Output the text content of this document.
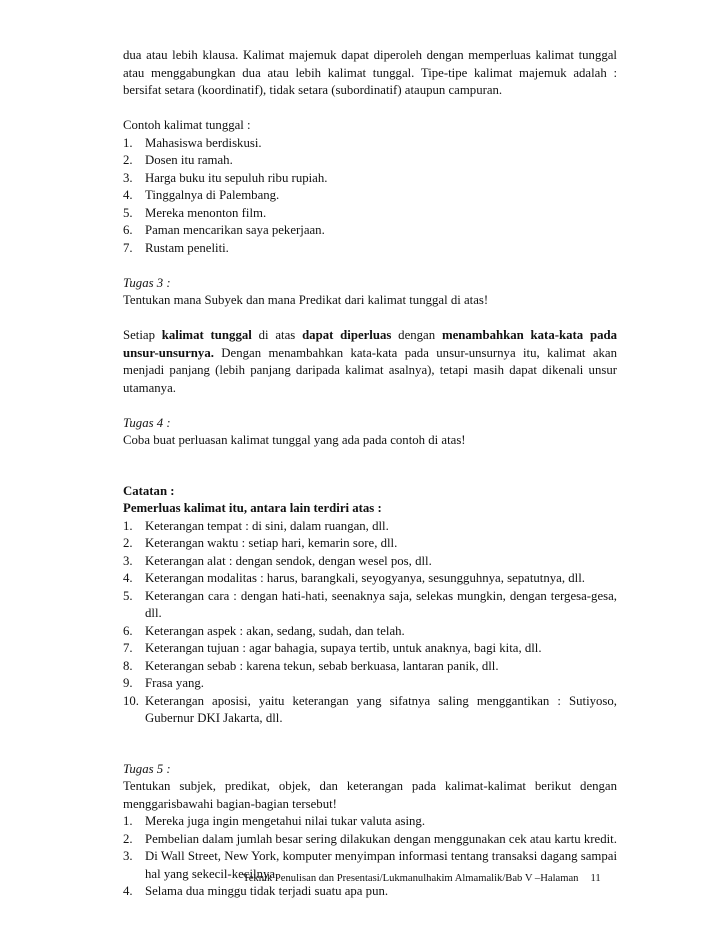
dua atau lebih klausa. Kalimat majemuk dapat diperoleh dengan memperluas kalimat tunggal atau menggabungkan dua atau lebih kalimat tunggal. Tipe-tipe kalimat majemuk adalah : bersifat setara (koordinatif), tidak setara (subordinatif) ataupun campuran.

Contoh kalimat tunggal :

1. Mahasiswa berdiskusi.
2. Dosen itu ramah.
3. Harga buku itu sepuluh ribu rupiah.
4. Tinggalnya di Palembang.
5. Mereka menonton film.
6. Paman mencarikan saya pekerjaan.
7. Rustam peneliti.

Tugas 3 :

Tentukan mana Subyek dan mana Predikat dari kalimat tunggal di atas!

Setiap kalimat tunggal di atas dapat diperluas dengan menambahkan kata-kata pada unsur-unsurnya. Dengan menambahkan kata-kata pada unsur-unsurnya itu, kalimat akan menjadi panjang (lebih panjang daripada kalimat asalnya), tetapi masih dapat dikenali unsur utamanya.

Tugas 4 :

Coba buat perluasan kalimat tunggal yang ada pada contoh di atas!

Catatan :

Pemerluas kalimat itu, antara lain terdiri atas :

1. Keterangan tempat : di sini, dalam ruangan, dll.
2. Keterangan waktu : setiap hari, kemarin sore, dll.
3. Keterangan alat : dengan sendok, dengan wesel pos, dll.
4. Keterangan modalitas : harus, barangkali, seyogyanya, sesungguhnya, sepatutnya, dll.
5. Keterangan cara : dengan hati-hati, seenaknya saja, selekas mungkin, dengan tergesa-gesa, dll.
6. Keterangan aspek : akan, sedang, sudah, dan telah.
7. Keterangan tujuan : agar bahagia, supaya tertib, untuk anaknya, bagi kita, dll.
8. Keterangan sebab : karena tekun, sebab berkuasa, lantaran panik, dll.
9. Frasa yang.
10. Keterangan aposisi, yaitu keterangan yang sifatnya saling menggantikan : Sutiyoso, Gubernur DKI Jakarta, dll.

Tugas 5 :

Tentukan subjek, predikat, objek, dan keterangan pada kalimat-kalimat berikut dengan menggarisbawahi bagian-bagian tersebut!

1. Mereka juga ingin mengetahui nilai tukar valuta asing.
2. Pembelian dalam jumlah besar sering dilakukan dengan menggunakan cek atau kartu kredit.
3. Di Wall Street, New York, komputer menyimpan informasi tentang transaksi dagang sampai hal yang sekecil-kecilnya.
4. Selama dua minggu tidak terjadi suatu apa pun.
Teknik Penulisan dan Presentasi/Lukmanulhakim Almamalik/Bab V –Halaman 11
